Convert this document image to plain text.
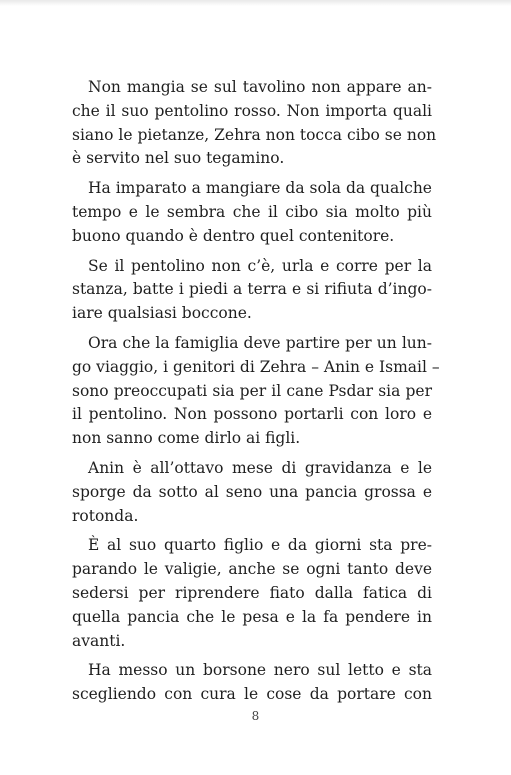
Non mangia se sul tavolino non appare an-
che il suo pentolino rosso. Non importa quali
siano le pietanze, Zehra non tocca cibo se non
è servito nel suo tegamino.
Ha imparato a mangiare da sola da qualche
tempo e le sembra che il cibo sia molto più
buono quando è dentro quel contenitore.
Se il pentolino non c’è, urla e corre per la
stanza, batte i piedi a terra e si rifiuta d’ingo-
iare qualsiasi boccone.
Ora che la famiglia deve partire per un lun-
go viaggio, i genitori di Zehra – Anin e Ismail –
sono preoccupati sia per il cane Psdar sia per
il pentolino. Non possono portarli con loro e
non sanno come dirlo ai figli.
Anin è all’ottavo mese di gravidanza e le
sporge da sotto al seno una pancia grossa e
rotonda.
È al suo quarto figlio e da giorni sta pre-
parando le valigie, anche se ogni tanto deve
sedersi per riprendere fiato dalla fatica di
quella pancia che le pesa e la fa pendere in
avanti.
Ha messo un borsone nero sul letto e sta
scegliendo con cura le cose da portare con
8
